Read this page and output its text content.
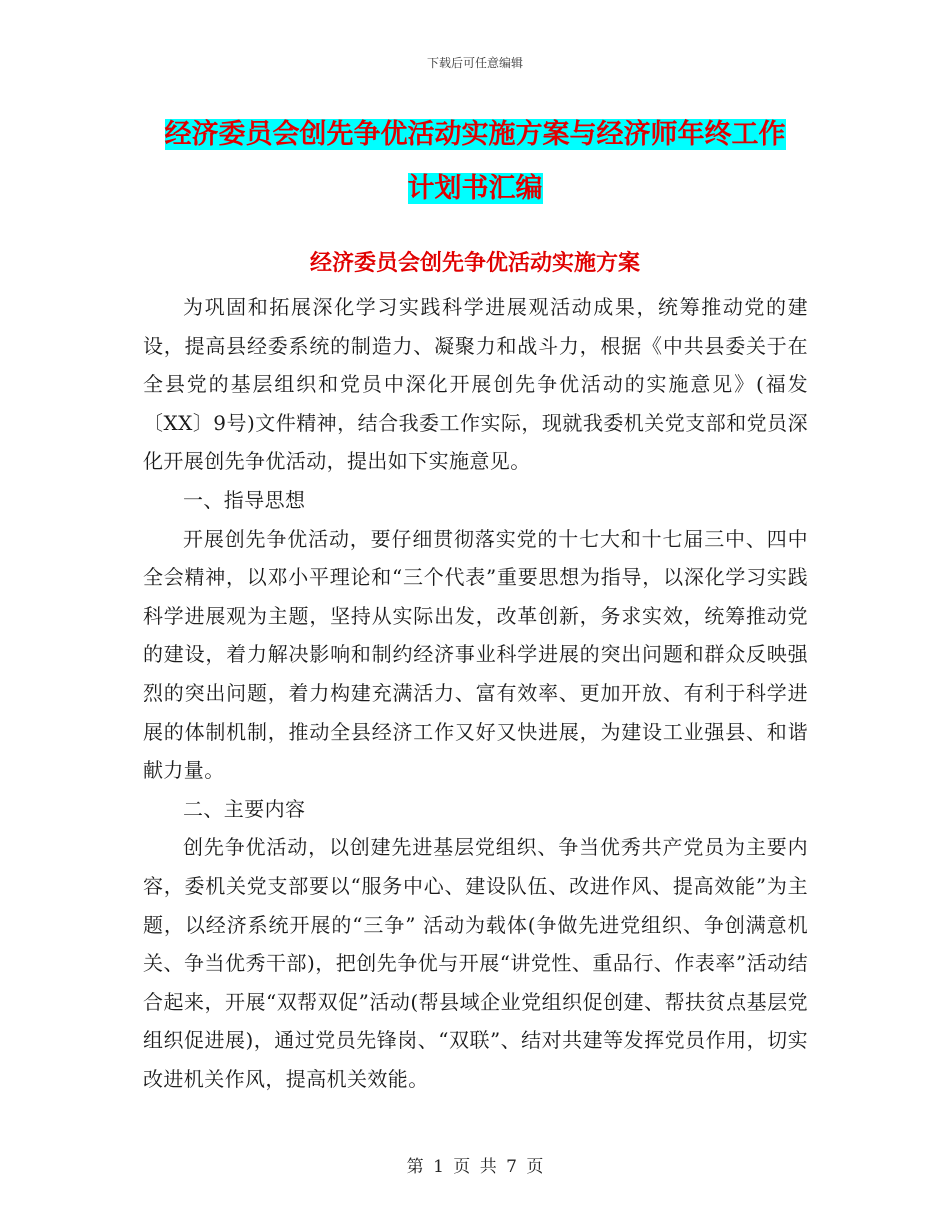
下载后可任意编辑
经济委员会创先争优活动实施方案与经济师年终工作
计划书汇编
经济委员会创先争优活动实施方案

为巩固和拓展深化学习实践科学进展观活动成果，统筹推动党的建设，提高县经委系统的制造力、凝聚力和战斗力，根据《中共县委关于在全县党的基层组织和党员中深化开展创先争优活动的实施意见》(福发〔XX〕9号)文件精神，结合我委工作实际，现就我委机关党支部和党员深化开展创先争优活动，提出如下实施意见。

一、指导思想

开展创先争优活动，要仔细贯彻落实党的十七大和十七届三中、四中全会精神，以邓小平理论和“三个代表”重要思想为指导，以深化学习实践科学进展观为主题，坚持从实际出发，改革创新，务求实效，统筹推动党的建设，着力解决影响和制约经济事业科学进展的突出问题和群众反映强烈的突出问题，着力构建充满活力、富有效率、更加开放、有利于科学进展的体制机制，推动全县经济工作又好又快进展，为建设工业强县、和谐献力量。

二、主要内容

创先争优活动，以创建先进基层党组织、争当优秀共产党员为主要内容，委机关党支部要以“服务中心、建设队伍、改进作风、提高效能”为主题，以经济系统开展的“三争” 活动为载体(争做先进党组织、争创满意机关、争当优秀干部)，把创先争优与开展“讲党性、重品行、作表率”活动结合起来，开展“双帮双促”活动(帮县域企业党组织促创建、帮扶贫点基层党组织促进展)，通过党员先锋岗、“双联”、结对共建等发挥党员作用，切实改进机关作风，提高机关效能。

第 1 页 共 7 页
